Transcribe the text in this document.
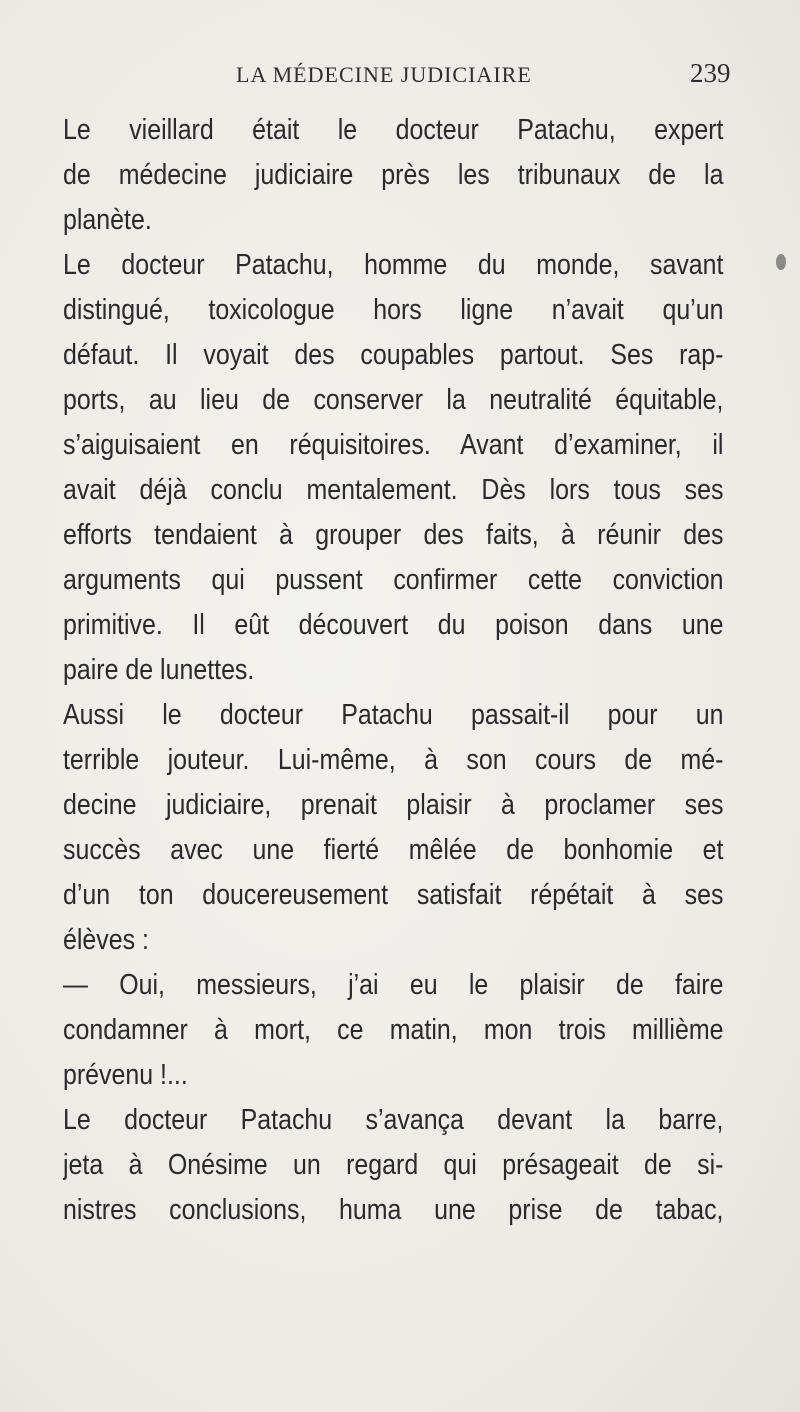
LA MÉDECINE JUDICIAIRE	239
Le vieillard était le docteur Patachu, expert
de médecine judiciaire près les tribunaux de la
planète.
Le docteur Patachu, homme du monde, savant
distingué, toxicologue hors ligne n’avait qu’un
défaut. Il voyait des coupables partout. Ses rap-
ports, au lieu de conserver la neutralité équitable,
s’aiguisaient en réquisitoires. Avant d’examiner, il
avait déjà conclu mentalement. Dès lors tous ses
efforts tendaient à grouper des faits, à réunir des
arguments qui pussent confirmer cette conviction
primitive. Il eût découvert du poison dans une
paire de lunettes.
Aussi le docteur Patachu passait-il pour un
terrible jouteur. Lui-même, à son cours de mé-
decine judiciaire, prenait plaisir à proclamer ses
succès avec une fierté mêlée de bonhomie et
d’un ton doucereusement satisfait répétait à ses
élèves :
— Oui, messieurs, j’ai eu le plaisir de faire
condamner à mort, ce matin, mon trois millième
prévenu !...
Le docteur Patachu s’avança devant la barre,
jeta à Onésime un regard qui présageait de si-
nistres conclusions, huma une prise de tabac,
